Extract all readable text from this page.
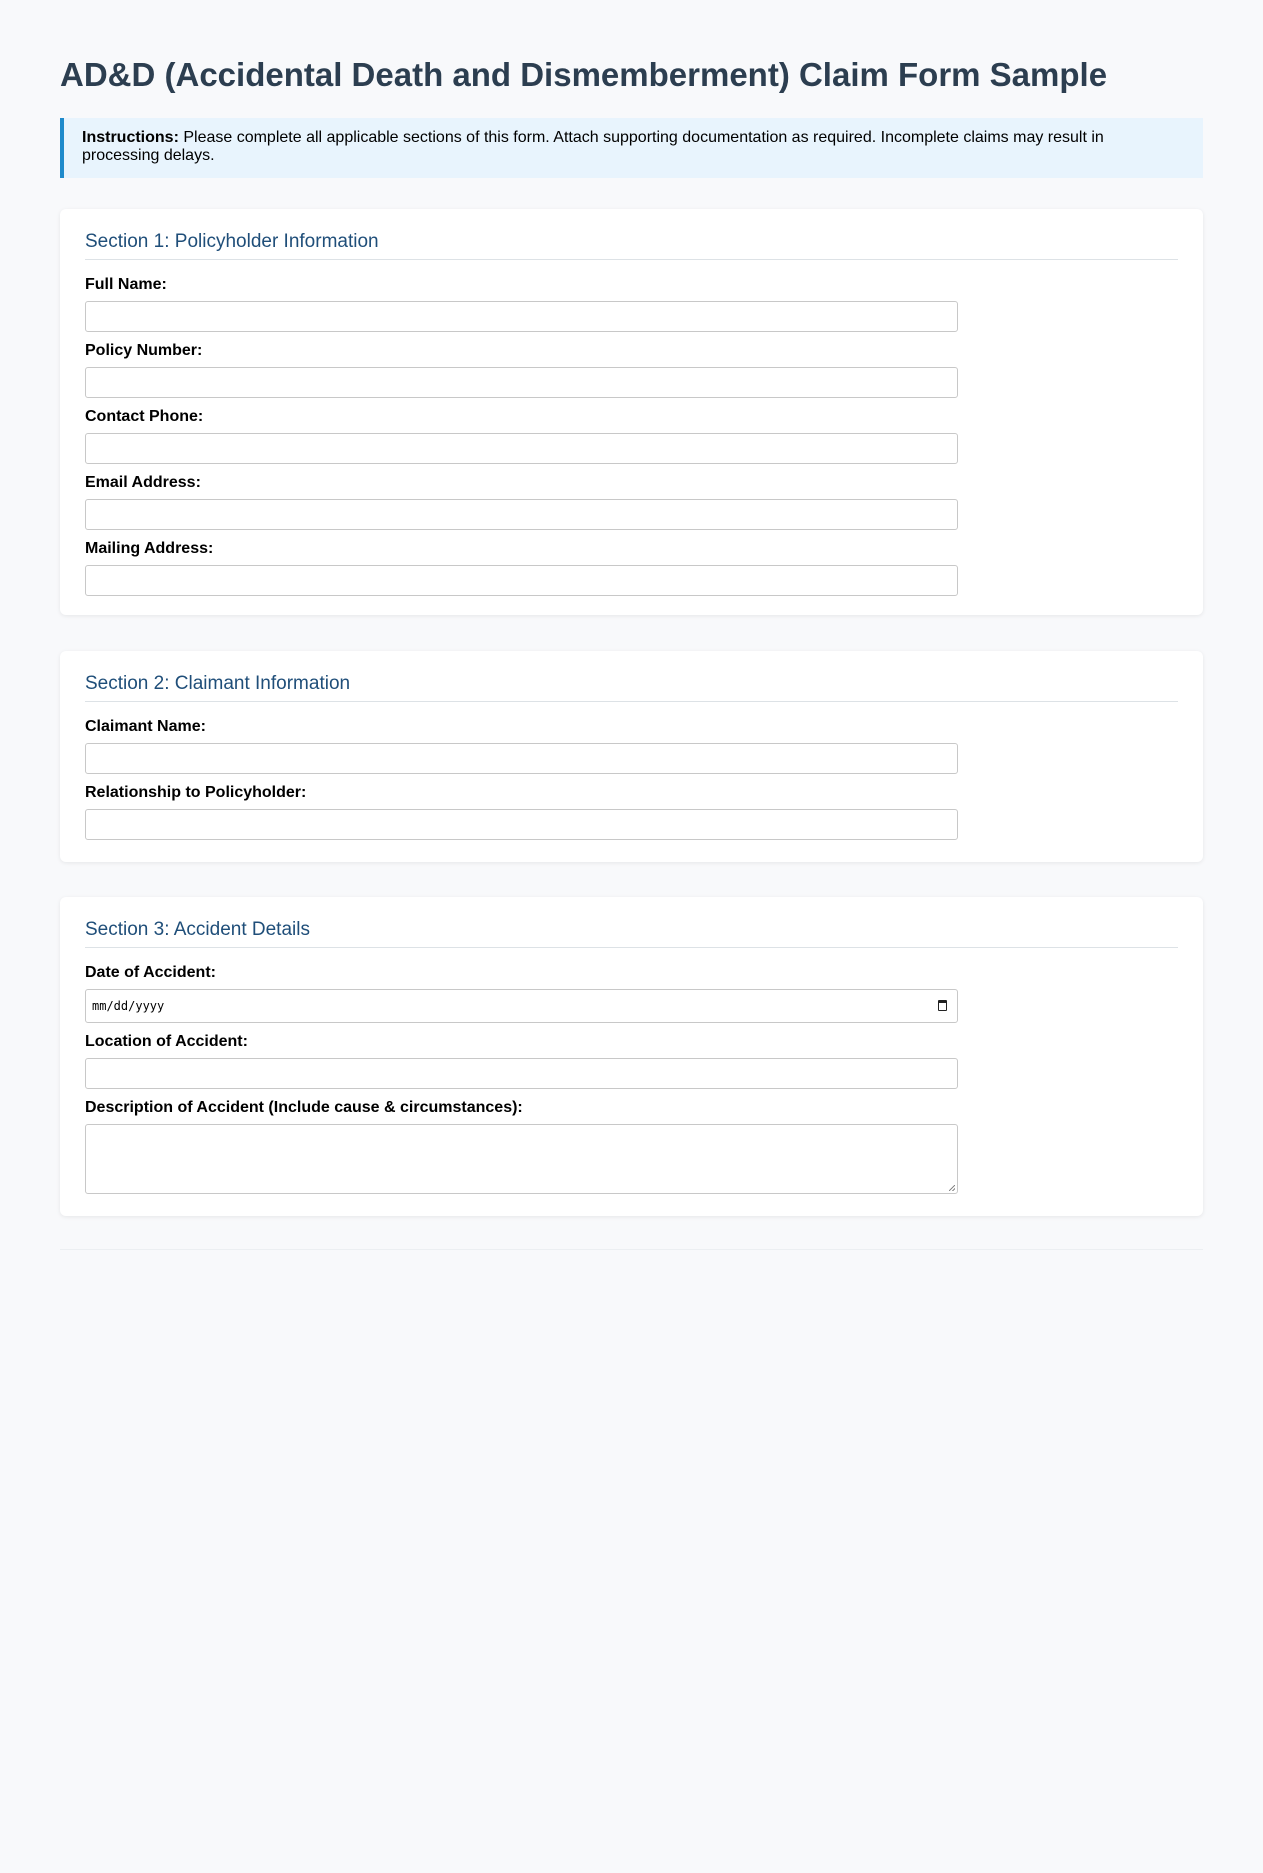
AD&D (Accidental Death and Dismemberment) Claim Form Sample
Instructions: Please complete all applicable sections of this form. Attach supporting documentation as required. Incomplete claims may result in processing delays.
Section 1: Policyholder Information
Full Name:
Policy Number:
Contact Phone:
Email Address:
Mailing Address:
Section 2: Claimant Information
Claimant Name:
Relationship to Policyholder:
Section 3: Accident Details
Date of Accident:
mm/dd/yyyy
Location of Accident:
Description of Accident (Include cause & circumstances):
